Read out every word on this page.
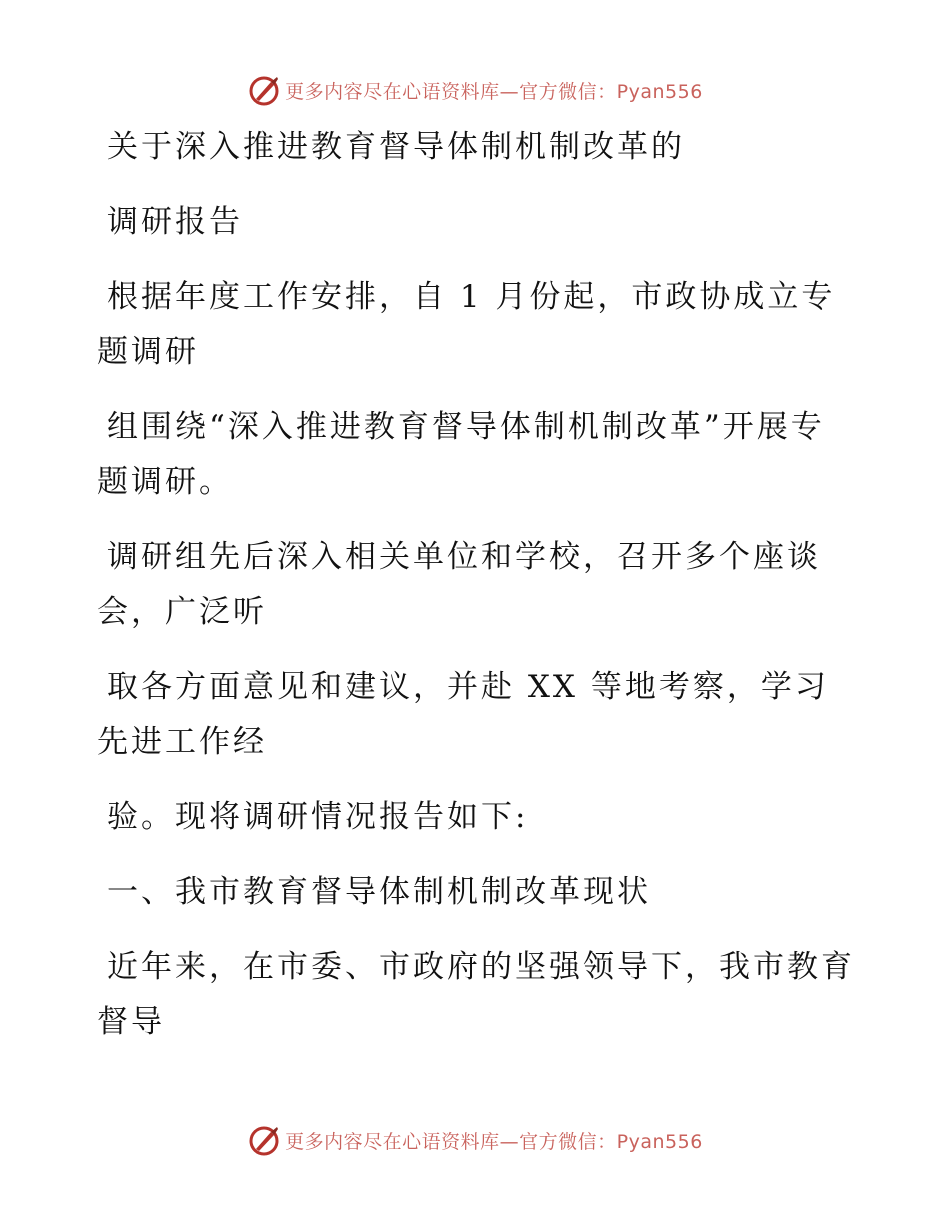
更多内容尽在心语资料库—官方微信：Pyan556

关于深入推进教育督导体制机制改革的

调研报告

根据年度工作安排，自 1 月份起，市政协成立专题调研

组围绕“深入推进教育督导体制机制改革”开展专题调研。

调研组先后深入相关单位和学校，召开多个座谈会，广泛听

取各方面意见和建议，并赴 XX 等地考察，学习先进工作经

验。现将调研情况报告如下:

一、我市教育督导体制机制改革现状

近年来，在市委、市政府的坚强领导下，我市教育督导

更多内容尽在心语资料库—官方微信：Pyan556
